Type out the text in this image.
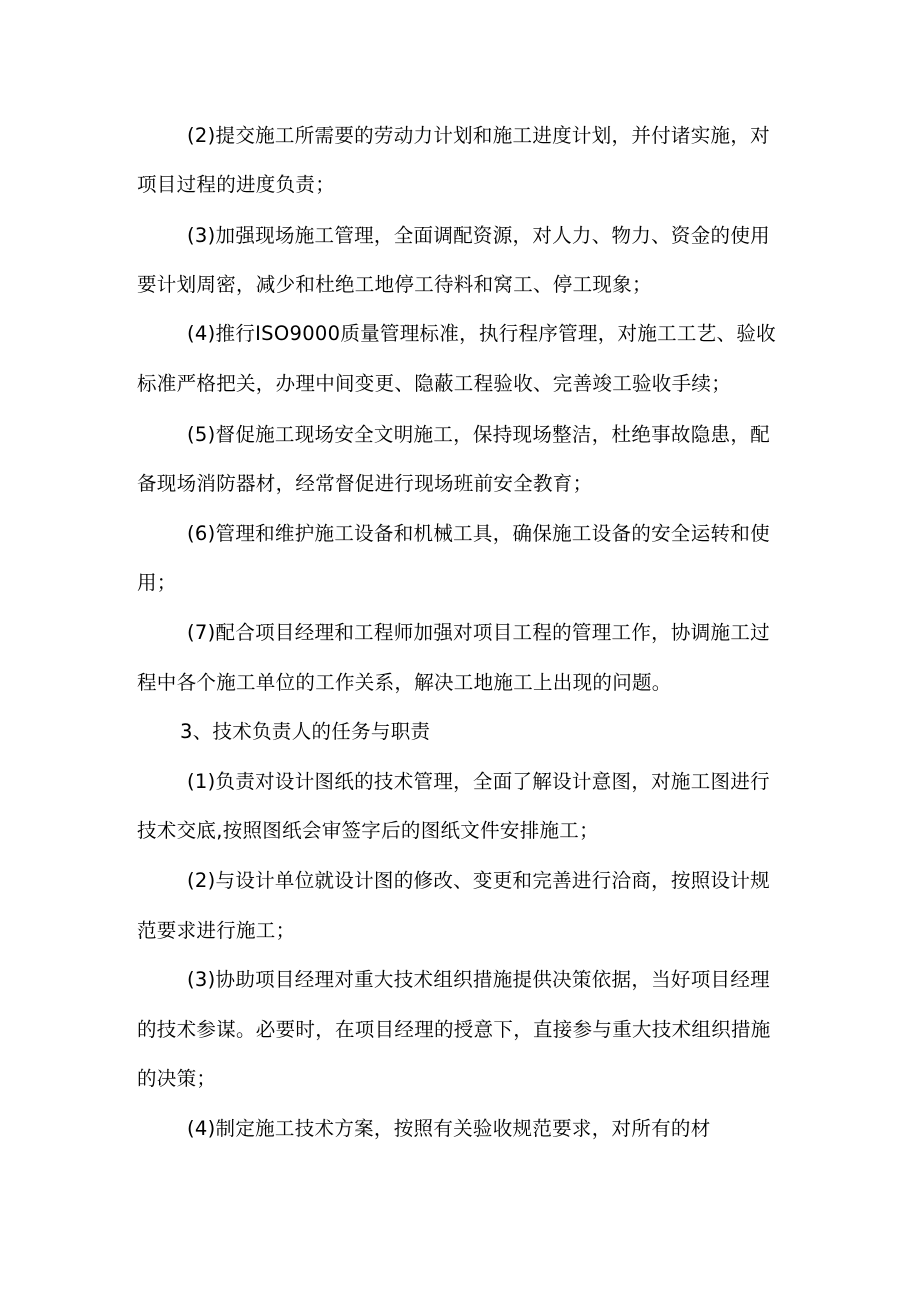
(2)提交施工所需要的劳动力计划和施工进度计划，并付诸实施，对
项目过程的进度负责；
(3)加强现场施工管理，全面调配资源，对人力、物力、资金的使用
要计划周密，减少和杜绝工地停工待料和窝工、停工现象；
(4)推行ISO9000质量管理标准，执行程序管理，对施工工艺、验收
标准严格把关，办理中间变更、隐蔽工程验收、完善竣工验收手续；
(5)督促施工现场安全文明施工，保持现场整洁，杜绝事故隐患，配
备现场消防器材，经常督促进行现场班前安全教育；
(6)管理和维护施工设备和机械工具，确保施工设备的安全运转和使
用；
(7)配合项目经理和工程师加强对项目工程的管理工作，协调施工过
程中各个施工单位的工作关系，解决工地施工上出现的问题。
3、技术负责人的任务与职责
(1)负责对设计图纸的技术管理，全面了解设计意图，对施工图进行
技术交底,按照图纸会审签字后的图纸文件安排施工；
(2)与设计单位就设计图的修改、变更和完善进行洽商，按照设计规
范要求进行施工；
(3)协助项目经理对重大技术组织措施提供决策依据，当好项目经理
的技术参谋。必要时，在项目经理的授意下，直接参与重大技术组织措施
的决策；
(4)制定施工技术方案，按照有关验收规范要求，对所有的材
